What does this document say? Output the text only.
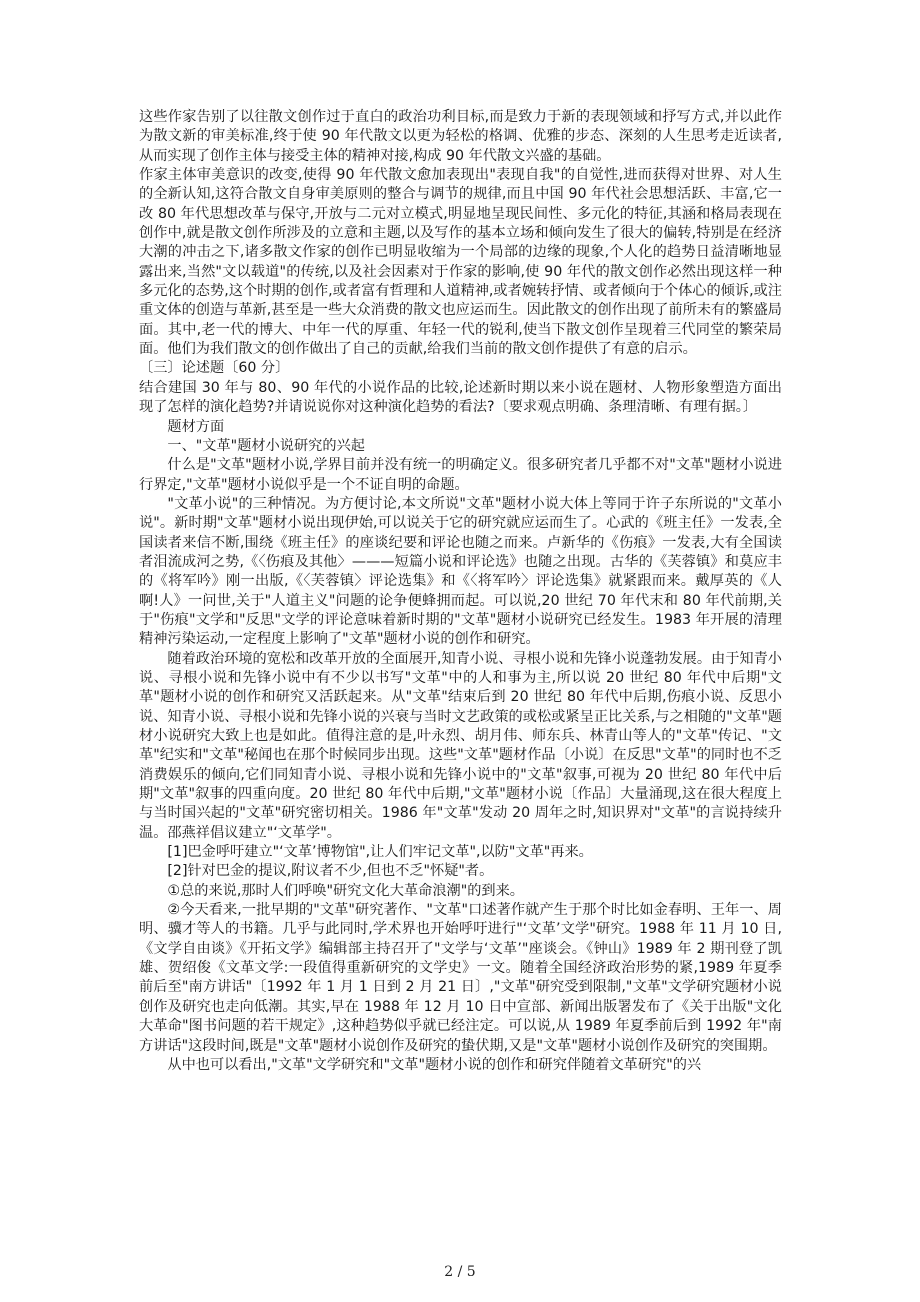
这些作家告别了以往散文创作过于直白的政治功利目标,而是致力于新的表现领域和抒写方式,并以此作为散文新的审美标准,终于使 90 年代散文以更为轻松的格调、优雅的步态、深刻的人生思考走近读者,从而实现了创作主体与接受主体的精神对接,构成 90 年代散文兴盛的基础。

作家主体审美意识的改变,使得 90 年代散文愈加表现出"表现自我"的自觉性,进而获得对世界、对人生的全新认知,这符合散文自身审美原则的整合与调节的规律,而且中国 90 年代社会思想活跃、丰富,它一改 80 年代思想改革与保守,开放与二元对立模式,明显地呈现民间性、多元化的特征,其涵和格局表现在创作中,就是散文创作所涉及的立意和主题,以及写作的基本立场和倾向发生了很大的偏转,特别是在经济大潮的冲击之下,诸多散文作家的创作已明显收缩为一个局部的边缘的现象,个人化的趋势日益清晰地显露出来,当然"文以载道"的传统,以及社会因素对于作家的影响,使 90 年代的散文创作必然出现这样一种多元化的态势,这个时期的创作,或者富有哲理和人道精神,或者婉转抒情、或者倾向于个体心的倾诉,或注重文体的创造与革新,甚至是一些大众消费的散文也应运而生。因此散文的创作出现了前所未有的繁盛局面。其中,老一代的博大、中年一代的厚重、年轻一代的锐利,使当下散文创作呈现着三代同堂的繁荣局面。他们为我们散文的创作做出了自己的贡献,给我们当前的散文创作提供了有意的启示。

〔三〕论述题〔60 分〕

结合建国 30 年与 80、90 年代的小说作品的比较,论述新时期以来小说在题材、人物形象塑造方面出现了怎样的演化趋势?并请说说你对这种演化趋势的看法?〔要求观点明确、条理清晰、有理有据。〕

题材方面

一、"文革"题材小说研究的兴起

什么是"文革"题材小说,学界目前并没有统一的明确定义。很多研究者几乎都不对"文革"题材小说进行界定,"文革"题材小说似乎是一个不证自明的命题。

"文革小说"的三种情况。为方便讨论,本文所说"文革"题材小说大体上等同于许子东所说的"文革小说"。新时期"文革"题材小说出现伊始,可以说关于它的研究就应运而生了。心武的《班主任》一发表,全国读者来信不断,围绕《班主任》的座谈纪要和评论也随之而来。卢新华的《伤痕》一发表,大有全国读者泪流成河之势,《〈伤痕及其他〉———短篇小说和评论选》也随之出现。古华的《芙蓉镇》和莫应丰的《将军吟》刚一出版,《〈芙蓉镇〉评论选集》和《〈将军吟〉评论选集》就紧跟而来。戴厚英的《人啊!人》一问世,关于"人道主义"问题的论争便蜂拥而起。可以说,20 世纪 70 年代末和 80 年代前期,关于"伤痕"文学和"反思"文学的评论意味着新时期的"文革"题材小说研究已经发生。1983 年开展的清理精神污染运动,一定程度上影响了"文革"题材小说的创作和研究。

随着政治环境的宽松和改革开放的全面展开,知青小说、寻根小说和先锋小说蓬勃发展。由于知青小说、寻根小说和先锋小说中有不少以书写"文革"中的人和事为主,所以说 20 世纪 80 年代中后期"文革"题材小说的创作和研究又活跃起来。从"文革"结束后到 20 世纪 80 年代中后期,伤痕小说、反思小说、知青小说、寻根小说和先锋小说的兴衰与当时文艺政策的或松或紧呈正比关系,与之相随的"文革"题材小说研究大致上也是如此。值得注意的是,叶永烈、胡月伟、师东兵、林青山等人的"文革"传记、"文革"纪实和"文革"秘闻也在那个时候同步出现。这些"文革"题材作品〔小说〕在反思"文革"的同时也不乏消费娱乐的倾向,它们同知青小说、寻根小说和先锋小说中的"文革"叙事,可视为 20 世纪 80 年代中后期"文革"叙事的四重向度。20 世纪 80 年代中后期,"文革"题材小说〔作品〕大量涌现,这在很大程度上与当时国兴起的"文革"研究密切相关。1986 年"文革"发动 20 周年之时,知识界对"文革"的言说持续升温。邵燕祥倡议建立"‘文革学"。

[1]巴金呼吁建立"‘文革’博物馆",让人们牢记文革",以防"文革"再来。

[2]针对巴金的提议,附议者不少,但也不乏"怀疑"者。

①总的来说,那时人们呼唤"研究文化大革命浪潮"的到来。

②今天看来,一批早期的"文革"研究著作、"文革"口述著作就产生于那个时比如金春明、王年一、周明、骥才等人的书籍。几乎与此同时,学术界也开始呼吁进行"‘文革’文学"研究。1988 年 11 月 10 日,《文学自由谈》《开拓文学》编辑部主持召开了"文学与‘文革’"座谈会。《钟山》1989 年 2 期刊登了凯雄、贺绍俊《文革文学:一段值得重新研究的文学史》一文。随着全国经济政治形势的紧,1989 年夏季前后至"南方讲话"〔1992 年 1 月 1 日到 2 月 21 日〕,"文革"研究受到限制,"文革"文学研究题材小说创作及研究也走向低潮。其实,早在 1988 年 12 月 10 日中宣部、新闻出版署发布了《关于出版"文化大革命"图书问题的若干规定》,这种趋势似乎就已经注定。可以说,从 1989 年夏季前后到 1992 年"南方讲话"这段时间,既是"文革"题材小说创作及研究的蛰伏期,又是"文革"题材小说创作及研究的突围期。

从中也可以看出,"文革"文学研究和"文革"题材小说的创作和研究伴随着文革研究"的兴

2 / 5
